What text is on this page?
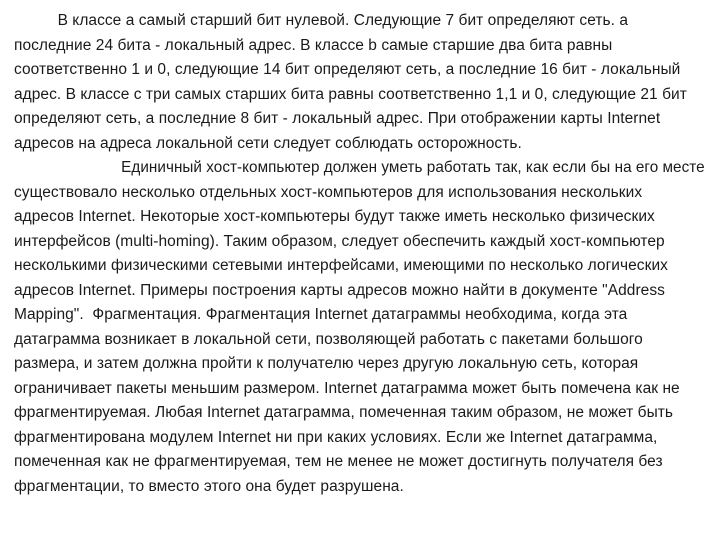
В классе a самый старший бит нулевой. Следующие 7 бит определяют сеть. а
последние 24 бита - локальный адрес. В классе b самые старшие два бита равны
соответственно 1 и 0, следующие 14 бит определяют сеть, а последние 16 бит - локальный
адрес. В классе c три самых старших бита равны соответственно 1,1 и 0, следующие 21 бит
определяют сеть, а последние 8 бит - локальный адрес. При отображении карты Internet
адресов на адреса локальной сети следует соблюдать осторожность.
Единичный хост-компьютер должен уметь работать так, как если бы на его месте
существовало несколько отдельных хост-компьютеров для использования нескольких
адресов Internet. Некоторые хост-компьютеры будут также иметь несколько физических
интерфейсов (multi-homing). Таким образом, следует обеспечить каждый хост-компьютер
несколькими физическими сетевыми интерфейсами, имеющими по несколько логических
адресов Internet. Примеры построения карты адресов можно найти в документе "Address
Mapping".  Фрагментация. Фрагментация Internet датаграммы необходима, когда эта
датаграмма возникает в локальной сети, позволяющей работать с пакетами большого
размера, и затем должна пройти к получателю через другую локальную сеть, которая
ограничивает пакеты меньшим размером. Internet датаграмма может быть помечена как не
фрагментируемая. Любая Internet датаграмма, помеченная таким образом, не может быть
фрагментирована модулем Internet ни при каких условиях. Если же Internet датаграмма,
помеченная как не фрагментируемая, тем не менее не может достигнуть получателя без
фрагментации, то вместо этого она будет разрушена.
